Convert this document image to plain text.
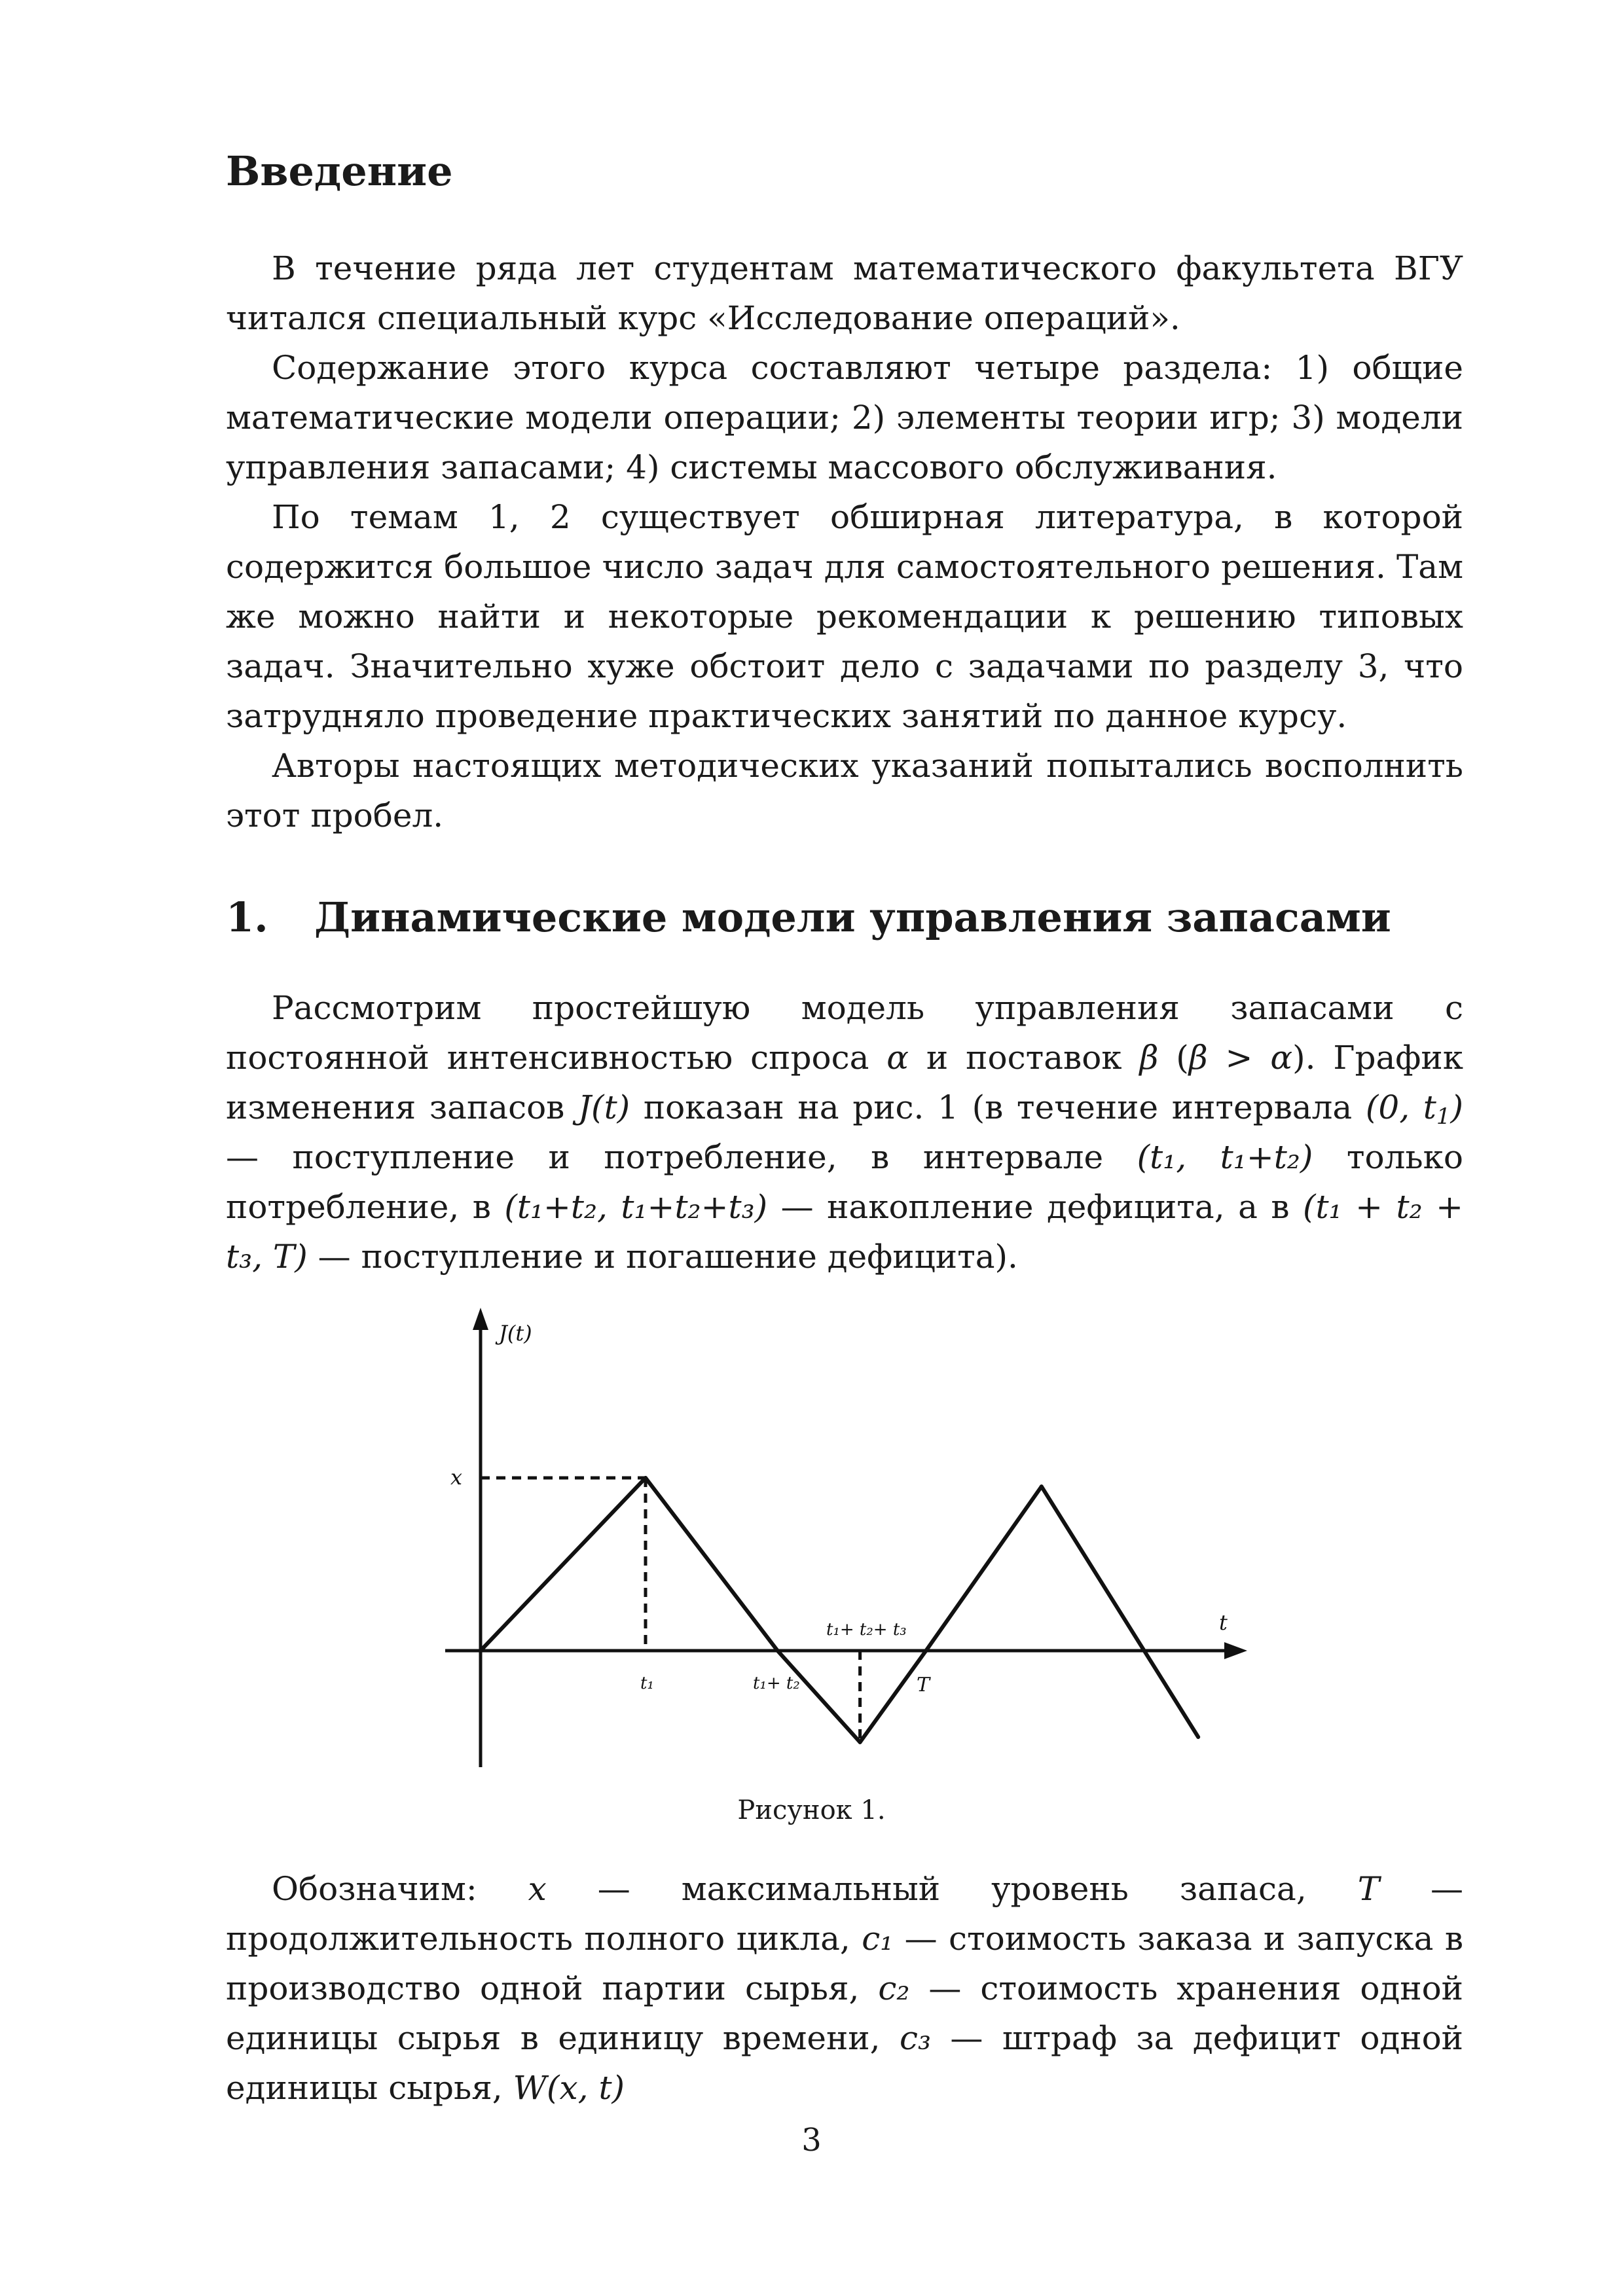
Введение

В течение ряда лет студентам математического факультета ВГУ читался специальный курс «Исследование операций».

Содержание этого курса составляют четыре раздела: 1) общие математические модели операции; 2) элементы теории игр; 3) модели управления запасами; 4) системы массового обслуживания.

По темам 1, 2 существует обширная литература, в которой содержится большое число задач для самостоятельного решения. Там же можно найти и некоторые рекомендации к решению типовых задач. Значительно хуже обстоит дело с задачами по разделу 3, что затрудняло проведение практических занятий по данное курсу.

Авторы настоящих методических указаний попытались восполнить этот пробел.

1. Динамические модели управления запасами

Рассмотрим простейшую модель управления запасами с постоянной интенсивностью спроса α и поставок β (β > α). График изменения запасов J(t) показан на рис. 1 (в течение интервала (0, $t_1$) — поступление и потребление, в интервале (t₁, t₁+t₂) только потребление, в (t₁+t₂, t₁+t₂+t₃) — накопление дефицита, а в (t₁ + t₂ + t₃, T) — поступление и погашение дефицита).

J(t)
t
x
t₁	t₁+ t₂
t₁+ t₂+ t₃
T
Рисунок 1.

Обозначим: x — максимальный уровень запаса, T — продолжительность полного цикла, c₁ — стоимость заказа и запуска в производство одной партии сырья, c₂ — стоимость хранения одной единицы сырья в единицу времени, c₃ — штраф за дефицит одной единицы сырья, W(x, t)

3
